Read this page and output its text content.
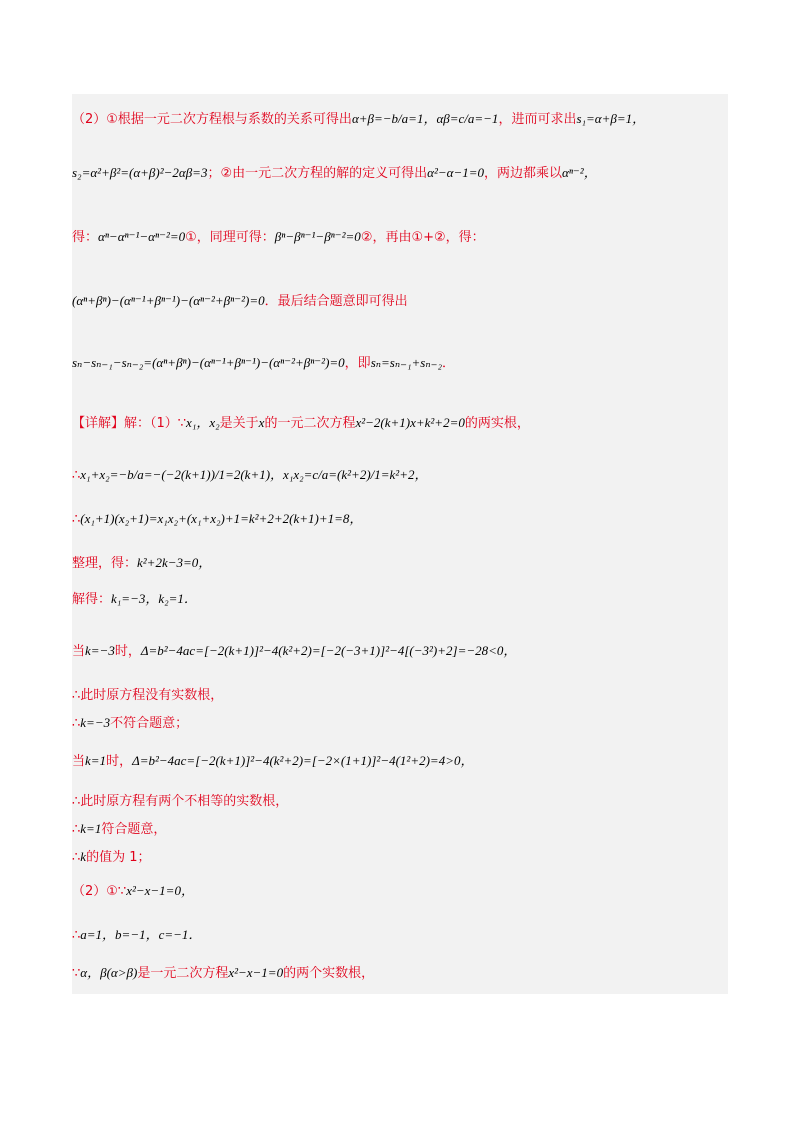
（2）①根据一元二次方程根与系数的关系可得出α+β=−b/a=1，αβ=c/a=−1，进而可求出s₁=α+β=1，
s₂=α²+β²=(α+β)²−2αβ=3；②由一元二次方程的解的定义可得出α²−α−1=0，两边都乘以αⁿ⁻²，
得：αⁿ−αⁿ⁻¹−αⁿ⁻²=0①，同理可得：βⁿ−βⁿ⁻¹−βⁿ⁻²=0②，再由①+②，得：
(αⁿ+βⁿ)−(αⁿ⁻¹+βⁿ⁻¹)−(αⁿ⁻²+βⁿ⁻²)=0．最后结合题意即可得出
sₙ−sₙ₋₁−sₙ₋₂=(αⁿ+βⁿ)−(αⁿ⁻¹+βⁿ⁻¹)−(αⁿ⁻²+βⁿ⁻²)=0，即sₙ=sₙ₋₁+sₙ₋₂．
【详解】解：（1）∵x₁，x₂是关于x的一元二次方程x²−2(k+1)x+k²+2=0的两实根，
∴x₁+x₂=−b/a=−(−2(k+1))/1=2(k+1)，x₁x₂=c/a=(k²+2)/1=k²+2，
∴(x₁+1)(x₂+1)=x₁x₂+(x₁+x₂)+1=k²+2+2(k+1)+1=8，
整理，得：k²+2k−3=0，
解得：k₁=−3，k₂=1．
当k=−3时，Δ=b²−4ac=[−2(k+1)]²−4(k²+2)=[−2(−3+1)]²−4[(−3²)+2]=−28<0，
∴此时原方程没有实数根，
∴k=−3不符合题意；
当k=1时，Δ=b²−4ac=[−2(k+1)]²−4(k²+2)=[−2×(1+1)]²−4(1²+2)=4>0，
∴此时原方程有两个不相等的实数根，
∴k=1符合题意，
∴k的值为 1；
（2）①∵x²−x−1=0，
∴a=1，b=−1，c=−1．
∵α，β(α>β)是一元二次方程x²−x−1=0的两个实数根，
